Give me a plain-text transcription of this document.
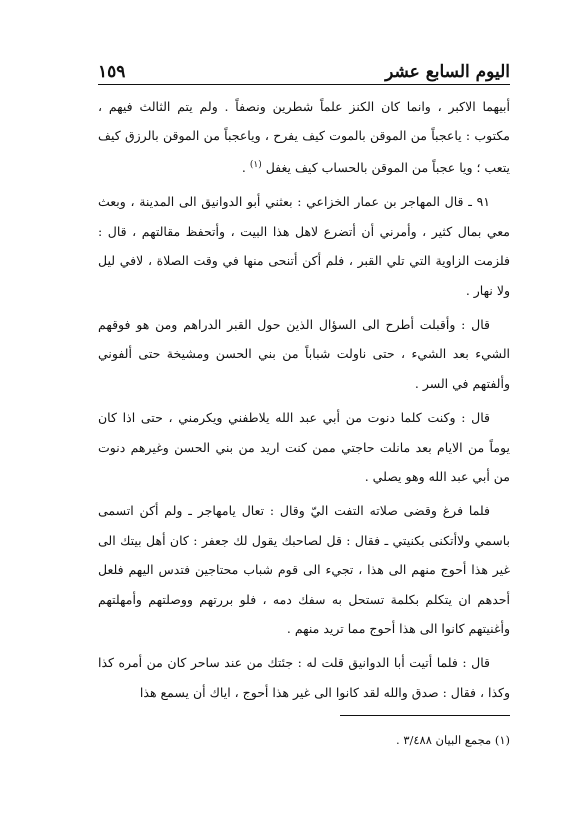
اليوم السابع عشر
١٥٩

أبيهما الاكبر ، وانما كان الكنز علماً شطرين ونصفاً . ولم يتم الثالث فيهم ، مكتوب : ياعجباً من الموقن بالموت كيف يفرح ، وياعجباً من الموقن بالرزق كيف يتعب ؛ ويا عجباً من الموقن بالحساب كيف يغفل $^{(١)}$ .

٩١ ـ قال المهاجر بن عمار الخزاعي : بعثني أبو الدوانيق الى المدينة ، وبعث معي بمال كثير ، وأمرني أن أتضرع لاهل هذا البيت ، وأتحفظ مقالتهم ، قال : فلزمت الزاوية التي تلي القبر ، فلم أكن أتنحى منها في وقت الصلاة ، لافي ليل ولا نهار .

قال : وأقبلت أطرح الى السؤال الذين حول القبر الدراهم ومن هو فوقهم الشيء بعد الشيء ، حتى ناولت شباباً من بني الحسن ومشيخة حتى ألفوني وألفتهم في السر .

قال : وكنت كلما دنوت من أبي عبد الله يلاطفني ويكرمني ، حتى اذا كان يوماً من الايام بعد مانلت حاجتي ممن كنت اريد من بني الحسن وغيرهم دنوت من أبي عبد الله وهو يصلي .

فلما فرغ وقضى صلاته التفت اليّ وقال : تعال يامهاجر ـ ولم أكن اتسمى باسمي ولاأتكنى بكنيتي ـ فقال : قل لصاحبك يقول لك جعفر : كان أهل بيتك الى غير هذا أحوج منهم الى هذا ، تجيء الى قوم شباب محتاجين فتدس اليهم فلعل أحدهم ان يتكلم بكلمة تستحل به سفك دمه ، فلو بررتهم ووصلتهم وأمهلتهم وأغنيتهم كانوا الى هذا أحوج مما تريد منهم .

قال : فلما أتيت أبا الدوانيق قلت له : جئتك من عند ساحر كان من أمره كذا وكذا ، فقال : صدق والله لقد كانوا الى غير هذا أحوج ، اياك أن يسمع هذا

(١) مجمع البيان ٣/٤٨٨ .
